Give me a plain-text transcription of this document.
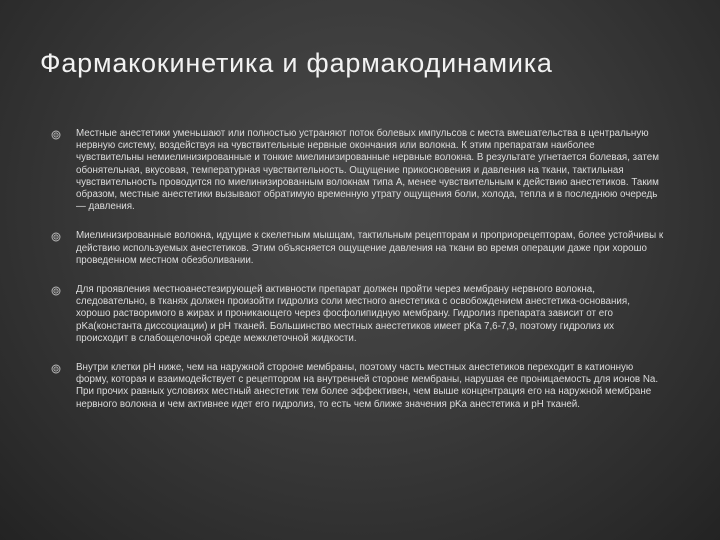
Фармакокинетика и фармакодинамика

Местные анестетики уменьшают или полностью устраняют поток болевых импульсов с места вмешательства в центральную нервную систему, воздействуя на чувствительные нервные окончания или волокна. К этим препаратам наиболее чувствительны немиелинизированные и тонкие миелинизированные нервные волокна. В результате угнетается болевая, затем обонятельная, вкусовая, температурная чувствительность. Ощущение прикосновения и давления на ткани, тактильная чувствительность проводится по миелинизированным волокнам типа А, менее чувствительным к действию анестетиков. Таким образом, местные анестетики вызывают обратимую временную утрату ощущения боли, холода, тепла и в последнюю очередь — давления.

Миелинизированные волокна, идущие к скелетным мышцам, тактильным рецепторам и проприорецепторам, более устойчивы к действию используемых анестетиков. Этим объясняется ощущение давления на ткани во время операции даже при хорошо проведенном местном обезболивании.

Для проявления местноанестезирующей активности препарат должен пройти через мембрану нервного волокна, следовательно, в тканях должен произойти гидролиз соли местного анестетика с освобождением анестетика-основания, хорошо растворимого в жирах и проникающего через фосфолипидную мембрану. Гидролиз препарата зависит от его pKa(константа диссоциации) и pH тканей. Большинство местных анестетиков имеет pKa 7,6-7,9, поэтому гидролиз их происходит в слабощелочной среде межклеточной жидкости.

Внутри клетки pH ниже, чем на наружной стороне мембраны, поэтому часть местных анестетиков переходит в катионную форму, которая и взаимодействует с рецептором на внутренней стороне мембраны, нарушая ее проницаемость для ионов Na. При прочих равных условиях местный анестетик тем более эффективен, чем выше концентрация его на наружной мембране нервного волокна и чем активнее идет его гидролиз, то есть чем ближе значения pKa анестетика и pH тканей.
